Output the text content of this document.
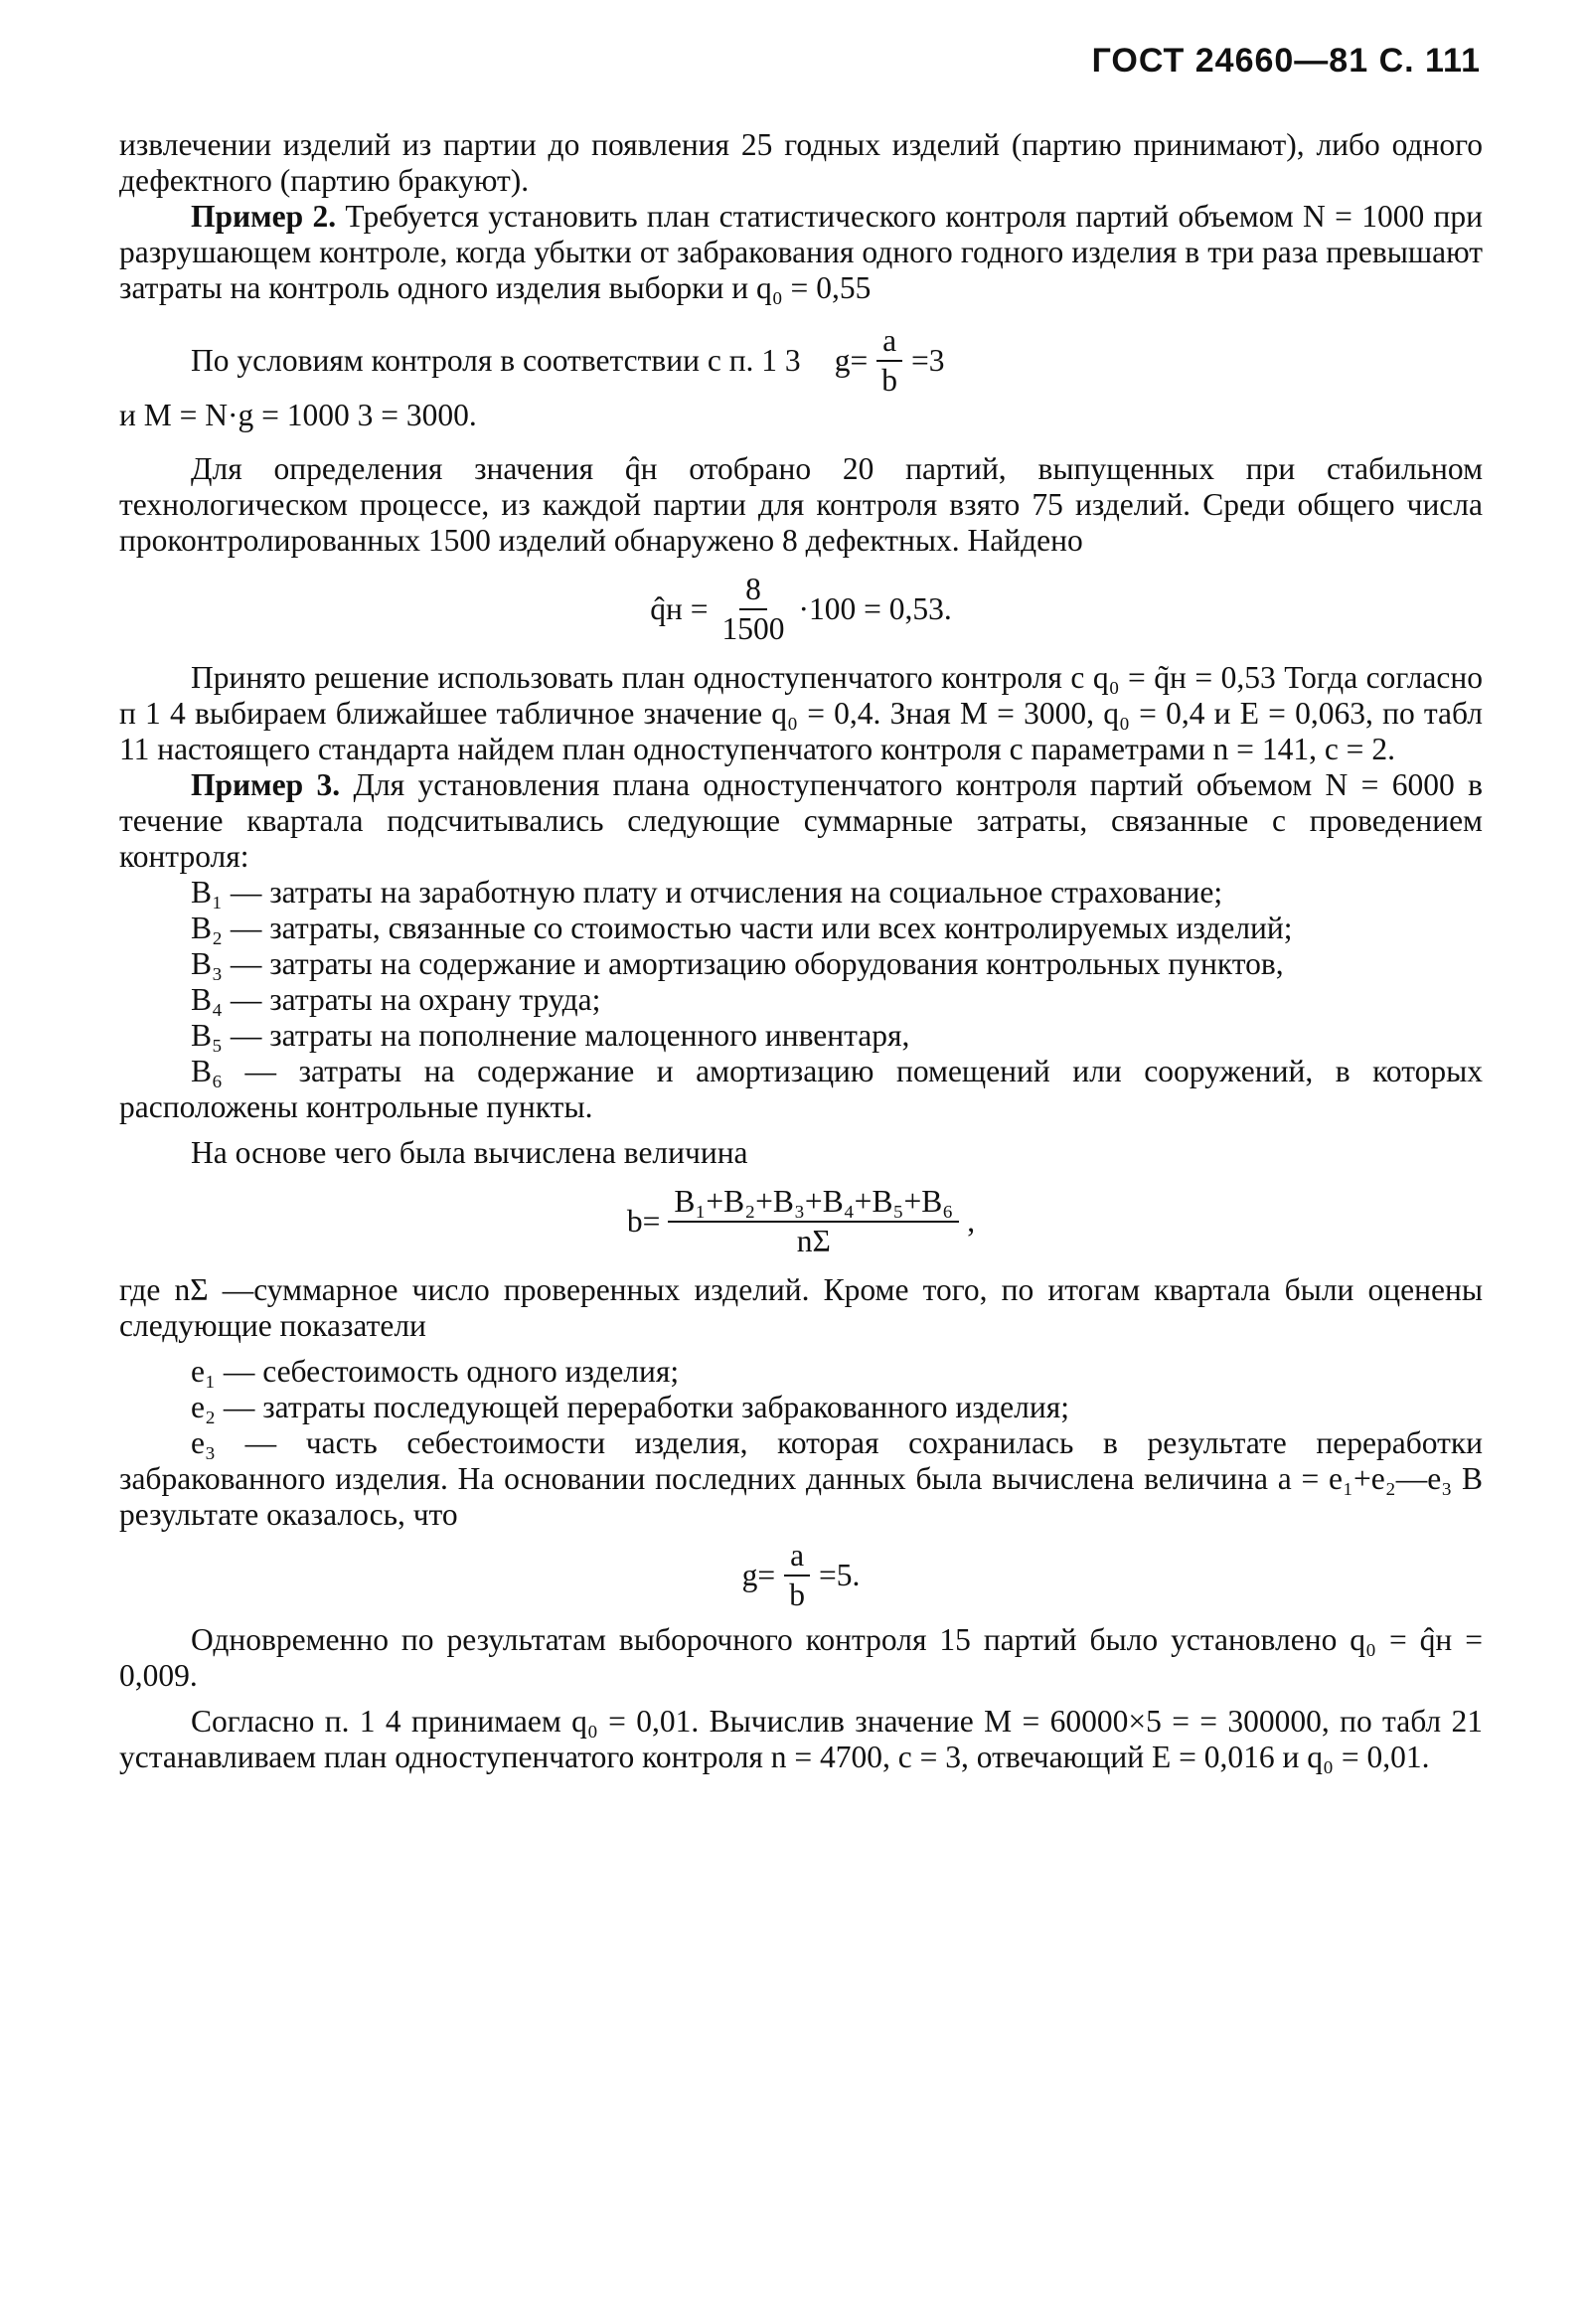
ГОСТ 24660—81 С. 111

извлечении изделий из партии до появления 25 годных изделий (партию принимают), либо одного дефектного (партию бракуют).

Пример 2. Требуется установить план статистического контроля партий объемом N = 1000 при разрушающем контроле, когда убытки от забракования одного годного изделия в три раза превышают затраты на контроль одного изделия выборки и q₀ = 0,55

По условиям контроля в соответствии с п. 1 3 $g= \frac{a}{b} =3$

и M = N·g = 1000 3 = 3000.

Для определения значения q̂н отобрано 20 партий, выпущенных при стабильном технологическом процессе, из каждой партии для контроля взято 75 изделий. Среди общего числа проконтролированных 1500 изделий обнаружено 8 дефектных. Найдено

q̂н = $\frac{8}{1500} \cdot 100 = 0,53$.

Принято решение использовать план одноступенчатого контроля с q₀ = q̃н = 0,53 Тогда согласно п 1 4 выбираем ближайшее табличное значение q₀ = 0,4. Зная M = 3000, q₀ = 0,4 и E = 0,063, по табл 11 настоящего стандарта найдем план одноступенчатого контроля с параметрами n = 141, c = 2.

Пример 3. Для установления плана одноступенчатого контроля партий объемом N = 6000 в течение квартала подсчитывались следующие суммарные затраты, связанные с проведением контроля:

B₁ — затраты на заработную плату и отчисления на социальное страхование;

B₂ — затраты, связанные со стоимостью части или всех контролируемых изделий;

B₃ — затраты на содержание и амортизацию оборудования контрольных пунктов,

B₄ — затраты на охрану труда;

B₅ — затраты на пополнение малоценного инвентаря,

B₆ — затраты на содержание и амортизацию помещений или сооружений, в которых расположены контрольные пункты.

На основе чего была вычислена величина

$b= \frac{\text{B₁+B₂+B₃+B₄+B₅+B₆}}{n\Sigma}$ ,

где nΣ —суммарное число проверенных изделий. Кроме того, по итогам квартала были оценены следующие показатели

e₁ — себестоимость одного изделия;

e₂ — затраты последующей переработки забракованного изделия;

e₃ — часть себестоимости изделия, которая сохранилась в результате переработки забракованного изделия. На основании последних данных была вычислена величина a = e₁+e₂—e₃ В результате оказалось, что

$g= \frac{a}{b} =5$.

Одновременно по результатам выборочного контроля 15 партий было установлено q₀ = q̂н = 0,009.

Согласно п. 1 4 принимаем q₀ = 0,01. Вычислив значение M = 60000×5 = = 300000, по табл 21 устанавливаем план одноступенчатого контроля n = 4700, c = 3, отвечающий E = 0,016 и q₀ = 0,01.
